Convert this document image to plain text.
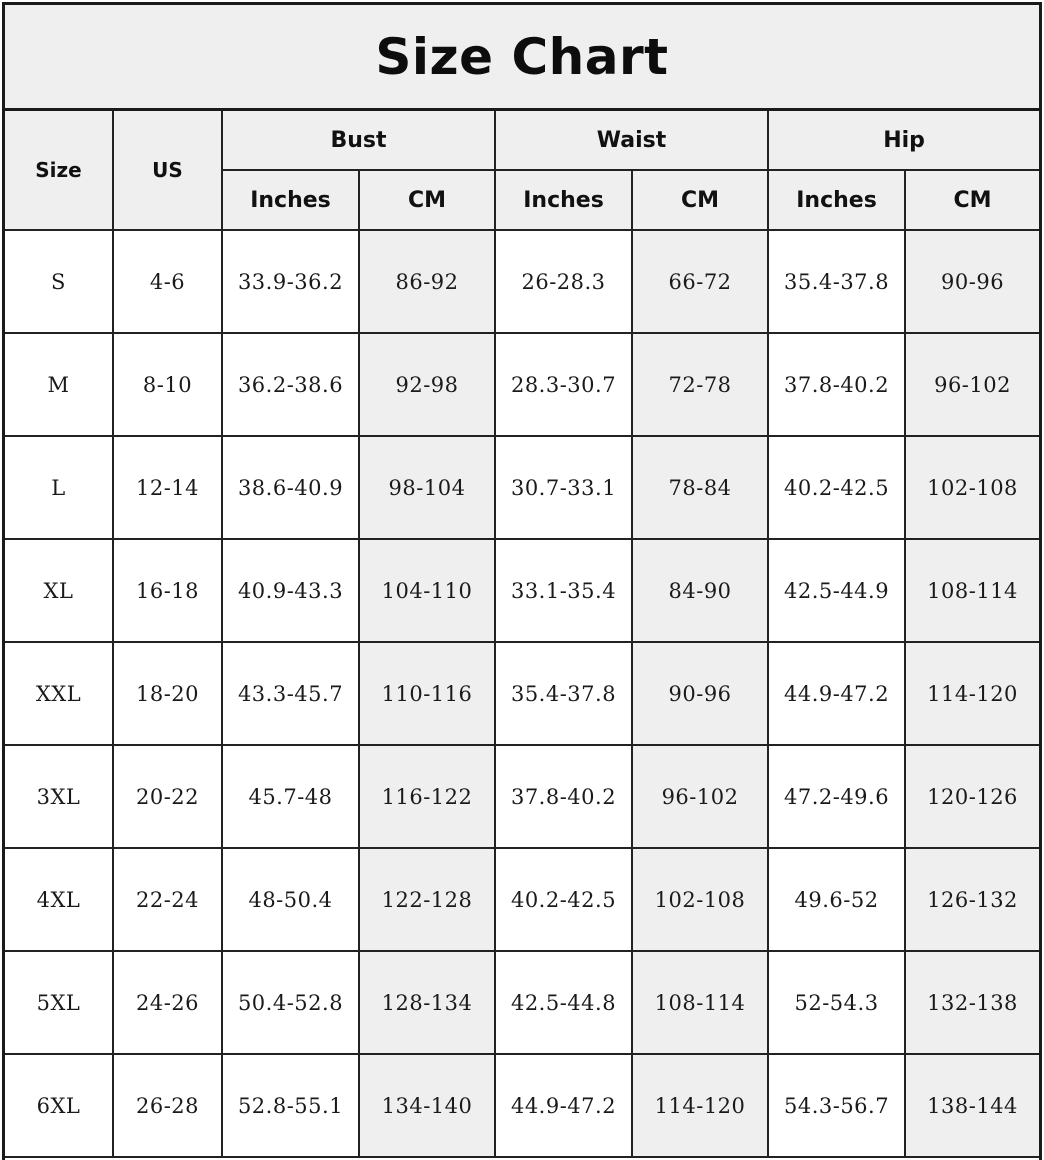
Size Chart
Size	US	Bust		Waist		Hip	
		Inches	CM	Inches	CM	Inches	CM
S	4-6	33.9-36.2	86-92	26-28.3	66-72	35.4-37.8	90-96
M	8-10	36.2-38.6	92-98	28.3-30.7	72-78	37.8-40.2	96-102
L	12-14	38.6-40.9	98-104	30.7-33.1	78-84	40.2-42.5	102-108
XL	16-18	40.9-43.3	104-110	33.1-35.4	84-90	42.5-44.9	108-114
XXL	18-20	43.3-45.7	110-116	35.4-37.8	90-96	44.9-47.2	114-120
3XL	20-22	45.7-48	116-122	37.8-40.2	96-102	47.2-49.6	120-126
4XL	22-24	48-50.4	122-128	40.2-42.5	102-108	49.6-52	126-132
5XL	24-26	50.4-52.8	128-134	42.5-44.8	108-114	52-54.3	132-138
6XL	26-28	52.8-55.1	134-140	44.9-47.2	114-120	54.3-56.7	138-144
